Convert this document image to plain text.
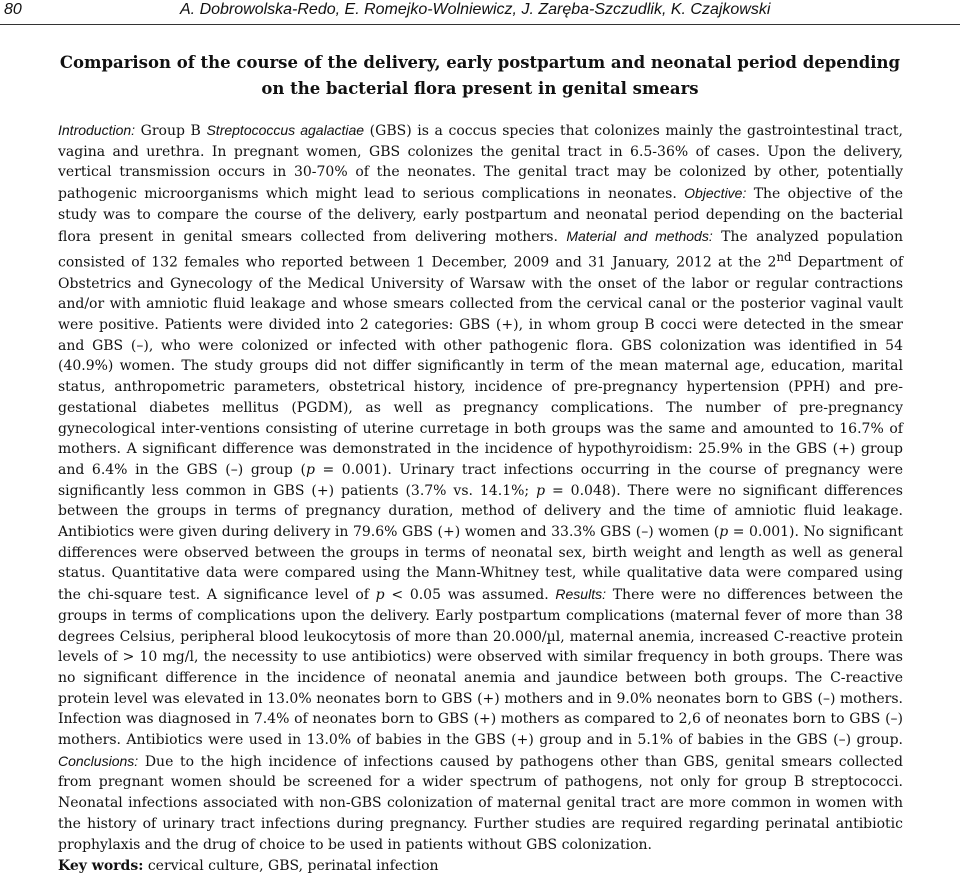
80	A. Dobrowolska-Redo, E. Romejko-Wolniewicz, J. Zaręba-Szczudlik, K. Czajkowski
Comparison of the course of the delivery, early postpartum and neonatal period depending
on the bacterial flora present in genital smears

Introduction: Group B Streptococcus agalactiae (GBS) is a coccus species that colonizes mainly the gastrointestinal tract, vagina and urethra. In pregnant women, GBS colonizes the genital tract in 6.5-36% of cases. Upon the delivery, vertical transmission occurs in 30-70% of the neonates. The genital tract may be colonized by other, potentially pathogenic microorganisms which might lead to serious complications in neonates. Objective: The objective of the study was to compare the course of the delivery, early postpartum and neonatal period depending on the bacterial flora present in genital smears collected from delivering mothers. Material and methods: The analyzed population consisted of 132 females who reported between 1 December, 2009 and 31 January, 2012 at the 2nd Department of Obstetrics and Gynecology of the Medical University of Warsaw with the onset of the labor or regular contractions and/or with amniotic fluid leakage and whose smears collected from the cervical canal or the posterior vaginal vault were positive. Patients were divided into 2 categories: GBS (+), in whom group B cocci were detected in the smear and GBS (–), who were colonized or infected with other pathogenic flora. GBS colonization was identified in 54 (40.9%) women. The study groups did not differ significantly in term of the mean maternal age, education, marital status, anthropometric parameters, obstetrical history, incidence of pre-pregnancy hypertension (PPH) and pre-gestational diabetes mellitus (PGDM), as well as pregnancy complications. The number of pre-pregnancy gynecological inter-ventions consisting of uterine curretage in both groups was the same and amounted to 16.7% of mothers. A significant difference was demonstrated in the incidence of hypothyroidism: 25.9% in the GBS (+) group and 6.4% in the GBS (–) group (p = 0.001). Urinary tract infections occurring in the course of pregnancy were significantly less common in GBS (+) patients (3.7% vs. 14.1%; p = 0.048). There were no significant differences between the groups in terms of pregnancy duration, method of delivery and the time of amniotic fluid leakage. Antibiotics were given during delivery in 79.6% GBS (+) women and 33.3% GBS (–) women (p = 0.001). No significant differences were observed between the groups in terms of neonatal sex, birth weight and length as well as general status. Quantitative data were compared using the Mann-Whitney test, while qualitative data were compared using the chi-square test. A significance level of p < 0.05 was assumed. Results: There were no differences between the groups in terms of complications upon the delivery. Early postpartum complications (maternal fever of more than 38 degrees Celsius, peripheral blood leukocytosis of more than 20.000/µl, maternal anemia, increased C-reactive protein levels of > 10 mg/l, the necessity to use antibiotics) were observed with similar frequency in both groups. There was no significant difference in the incidence of neonatal anemia and jaundice between both groups. The C-reactive protein level was elevated in 13.0% neonates born to GBS (+) mothers and in 9.0% neonates born to GBS (–) mothers. Infection was diagnosed in 7.4% of neonates born to GBS (+) mothers as compared to 2,6 of neonates born to GBS (–) mothers. Antibiotics were used in 13.0% of babies in the GBS (+) group and in 5.1% of babies in the GBS (–) group. Conclusions: Due to the high incidence of infections caused by pathogens other than GBS, genital smears collected from pregnant women should be screened for a wider spectrum of pathogens, not only for group B streptococci. Neonatal infections associated with non-GBS colonization of maternal genital tract are more common in women with the history of urinary tract infections during pregnancy. Further studies are required regarding perinatal antibiotic prophylaxis and the drug of choice to be used in patients without GBS colonization.

Key words: cervical culture, GBS, perinatal infection
